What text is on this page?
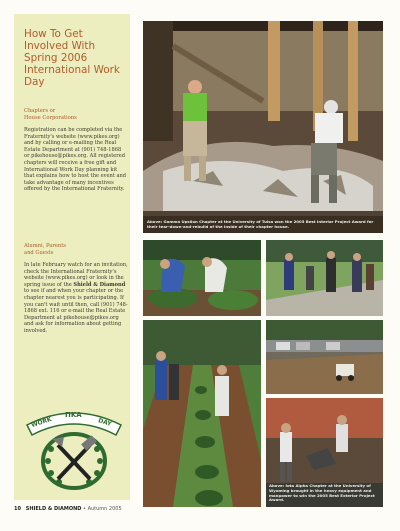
How To Get Involved With Spring 2006 International Work Day
Chapters or
House Corporations

Registration can be completed via the Fraternity's website (www.pikes.org) and by calling or e-mailing the Real Estate Department at (901) 748-1868 or pikehouse@pikes.org. All registered chapters will receive a free gift and International Work Day planning kit that explains how to host the event and take advantage of many incentives offered by the International Fraternity.

Alumni, Parents
and Guests

In late February watch for an invitation, check the International Fraternity's website (www.pikes.org) or look in the spring issue of the Shield & Diamond to see if and when your chapter or the chapter nearest you is participating. If you can't wait until then, call (901) 748-1868 ext. 116 or e-mail the Real Estate Department at pikehouse@pikes.org and ask for information about getting involved.

WORK
ΠΚΑ
DAY
Above: Gamma Upsilon Chapter at the University of Tulsa won the 2005 Best Interior Project Award for their tear-down-and-rebuild of the inside of their chapter house.
Above: Iota Alpha Chapter at the University of Wyoming brought in the heavy equipment and manpower to win the 2005 Best Exterior Project Award.
10 SHIELD & DIAMOND • Autumn 2005
